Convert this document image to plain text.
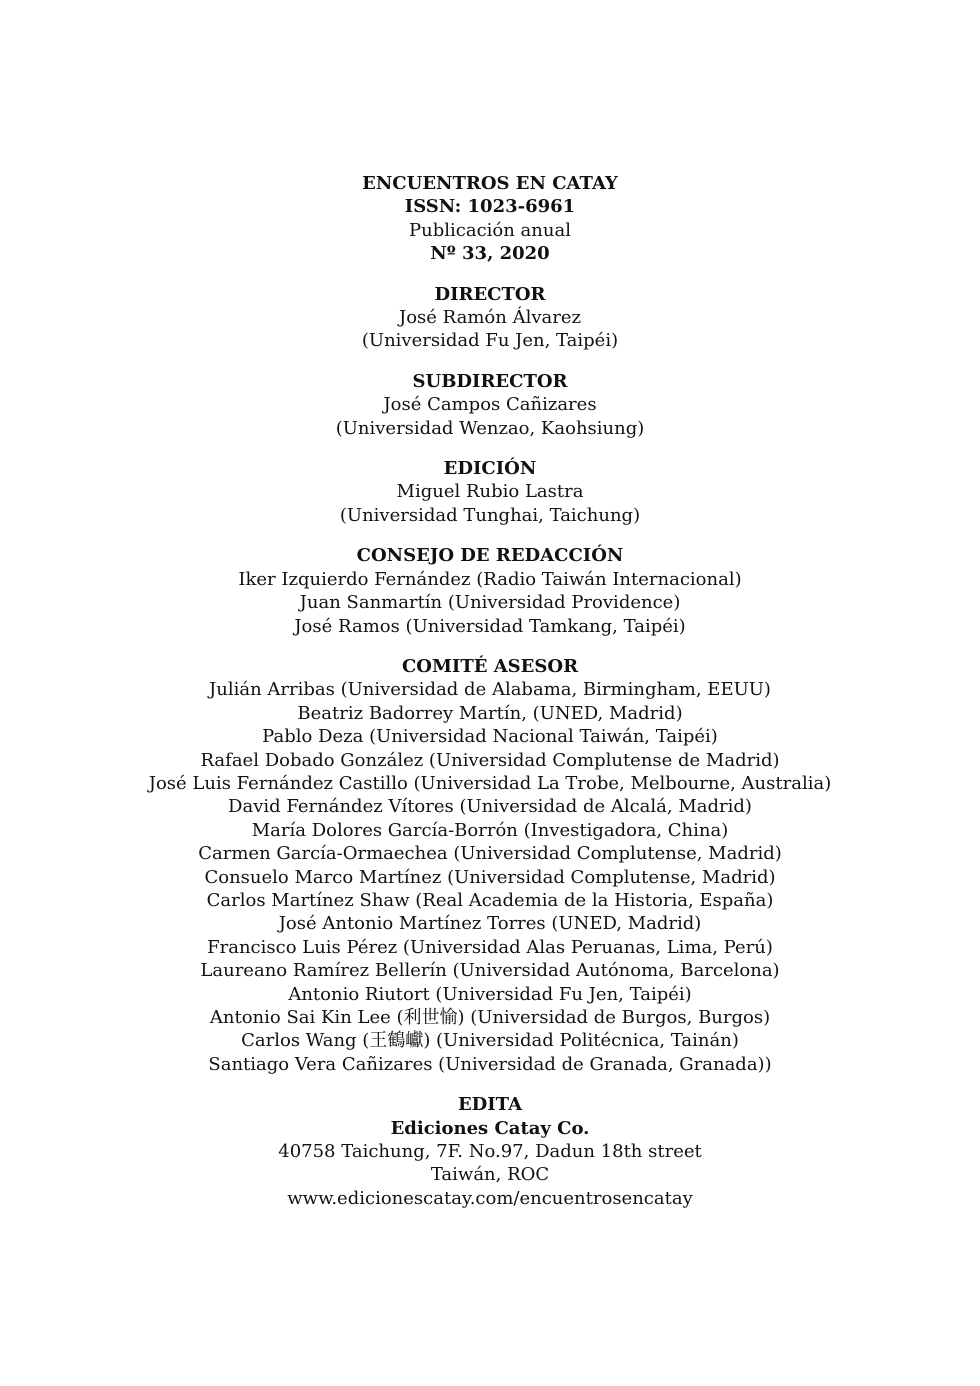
ENCUENTROS EN CATAY
ISSN: 1023-6961
Publicación anual
Nº 33, 2020
DIRECTOR
José Ramón Álvarez
(Universidad Fu Jen, Taipéi)
SUBDIRECTOR
José Campos Cañizares
(Universidad Wenzao, Kaohsiung)
EDICIÓN
Miguel Rubio Lastra
(Universidad Tunghai, Taichung)
CONSEJO DE REDACCIÓN
Iker Izquierdo Fernández (Radio Taiwán Internacional)
Juan Sanmartín (Universidad Providence)
José Ramos (Universidad Tamkang, Taipéi)
COMITÉ ASESOR
Julián Arribas (Universidad de Alabama, Birmingham, EEUU)
Beatriz Badorrey Martín, (UNED, Madrid)
Pablo Deza (Universidad Nacional Taiwán, Taipéi)
Rafael Dobado González (Universidad Complutense de Madrid)
José Luis Fernández Castillo (Universidad La Trobe, Melbourne, Australia)
David Fernández Vítores (Universidad de Alcalá, Madrid)
María Dolores García-Borrón (Investigadora, China)
Carmen García-Ormaechea (Universidad Complutense, Madrid)
Consuelo Marco Martínez (Universidad Complutense, Madrid)
Carlos Martínez Shaw (Real Academia de la Historia, España)
José Antonio Martínez Torres (UNED, Madrid)
Francisco Luis Pérez (Universidad Alas Peruanas, Lima, Perú)
Laureano Ramírez Bellerín (Universidad Autónoma, Barcelona)
Antonio Riutort (Universidad Fu Jen, Taipéi)
Antonio Sai Kin Lee (利世愉) (Universidad de Burgos, Burgos)
Carlos Wang (王鶴巘) (Universidad Politécnica, Tainán)
Santiago Vera Cañizares (Universidad de Granada, Granada))
EDITA
Ediciones Catay Co.
40758 Taichung, 7F. No.97, Dadun 18th street
Taiwán, ROC
www.edicionescatay.com/encuentrosencatay
